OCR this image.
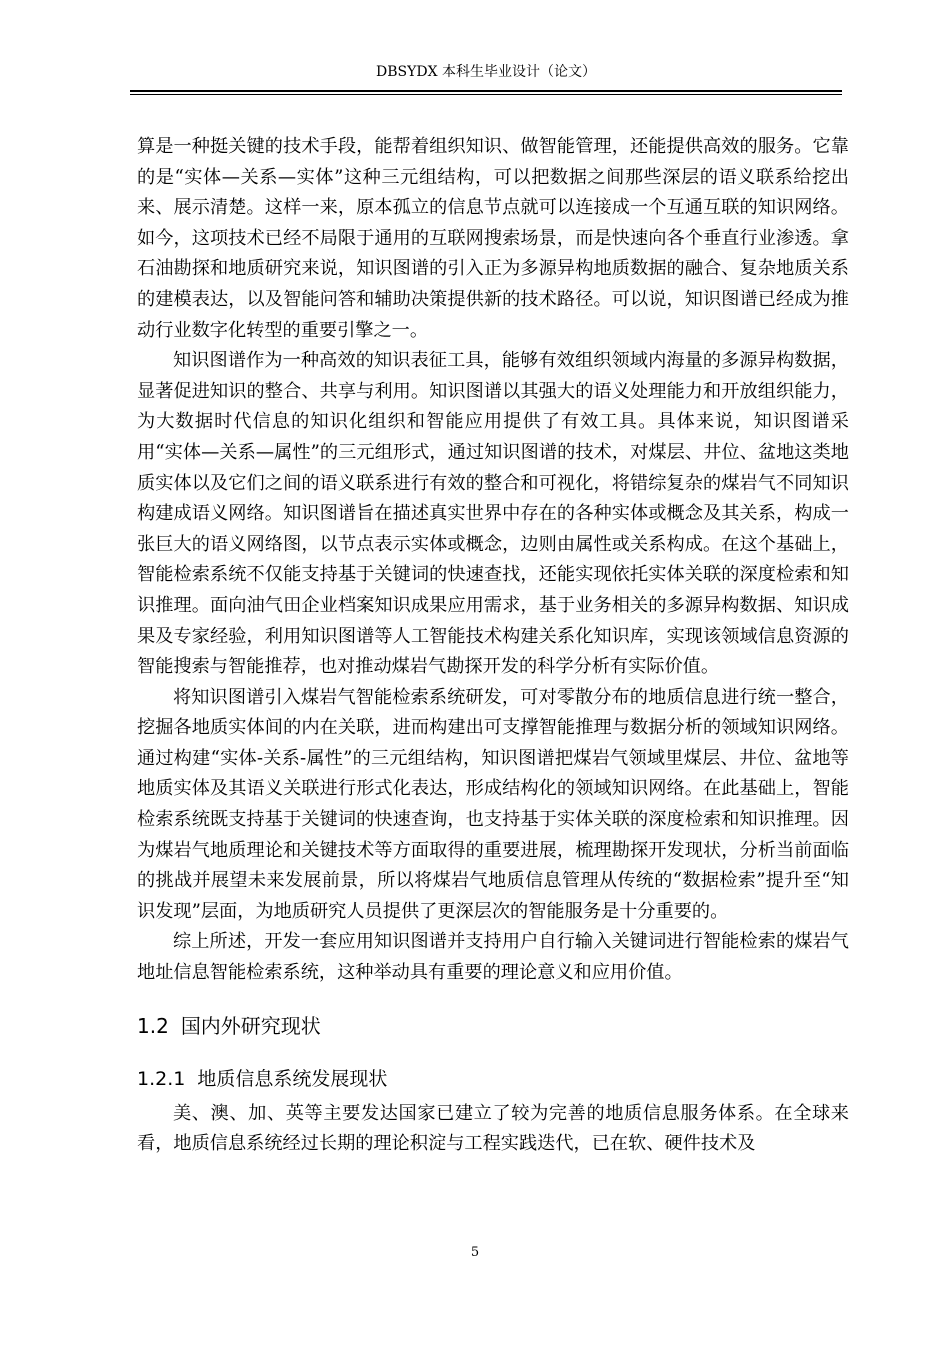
DBSYDX 本科生毕业设计（论文）

算是一种挺关键的技术手段，能帮着组织知识、做智能管理，还能提供高效的服务。它靠的是“实体—关系—实体”这种三元组结构，可以把数据之间那些深层的语义联系给挖出来、展示清楚。这样一来，原本孤立的信息节点就可以连接成一个互通互联的知识网络。如今，这项技术已经不局限于通用的互联网搜索场景，而是快速向各个垂直行业渗透。拿石油勘探和地质研究来说，知识图谱的引入正为多源异构地质数据的融合、复杂地质关系的建模表达，以及智能问答和辅助决策提供新的技术路径。可以说，知识图谱已经成为推动行业数字化转型的重要引擎之一。

知识图谱作为一种高效的知识表征工具，能够有效组织领域内海量的多源异构数据，显著促进知识的整合、共享与利用。知识图谱以其强大的语义处理能力和开放组织能力，为大数据时代信息的知识化组织和智能应用提供了有效工具。具体来说，知识图谱采用“实体—关系—属性”的三元组形式，通过知识图谱的技术，对煤层、井位、盆地这类地质实体以及它们之间的语义联系进行有效的整合和可视化，将错综复杂的煤岩气不同知识构建成语义网络。知识图谱旨在描述真实世界中存在的各种实体或概念及其关系，构成一张巨大的语义网络图，以节点表示实体或概念，边则由属性或关系构成。在这个基础上，智能检索系统不仅能支持基于关键词的快速查找，还能实现依托实体关联的深度检索和知识推理。面向油气田企业档案知识成果应用需求，基于业务相关的多源异构数据、知识成果及专家经验，利用知识图谱等人工智能技术构建关系化知识库，实现该领域信息资源的智能搜索与智能推荐，也对推动煤岩气勘探开发的科学分析有实际价值。

将知识图谱引入煤岩气智能检索系统研发，可对零散分布的地质信息进行统一整合，挖掘各地质实体间的内在关联，进而构建出可支撑智能推理与数据分析的领域知识网络。通过构建“实体-关系-属性”的三元组结构，知识图谱把煤岩气领域里煤层、井位、盆地等地质实体及其语义关联进行形式化表达，形成结构化的领域知识网络。在此基础上，智能检索系统既支持基于关键词的快速查询，也支持基于实体关联的深度检索和知识推理。因为煤岩气地质理论和关键技术等方面取得的重要进展，梳理勘探开发现状，分析当前面临的挑战并展望未来发展前景，所以将煤岩气地质信息管理从传统的“数据检索”提升至“知识发现”层面，为地质研究人员提供了更深层次的智能服务是十分重要的。

综上所述，开发一套应用知识图谱并支持用户自行输入关键词进行智能检索的煤岩气地址信息智能检索系统，这种举动具有重要的理论意义和应用价值。

1.2 国内外研究现状
1.2.1 地质信息系统发展现状

美、澳、加、英等主要发达国家已建立了较为完善的地质信息服务体系。在全球来看，地质信息系统经过长期的理论积淀与工程实践迭代，已在软、硬件技术及

5
